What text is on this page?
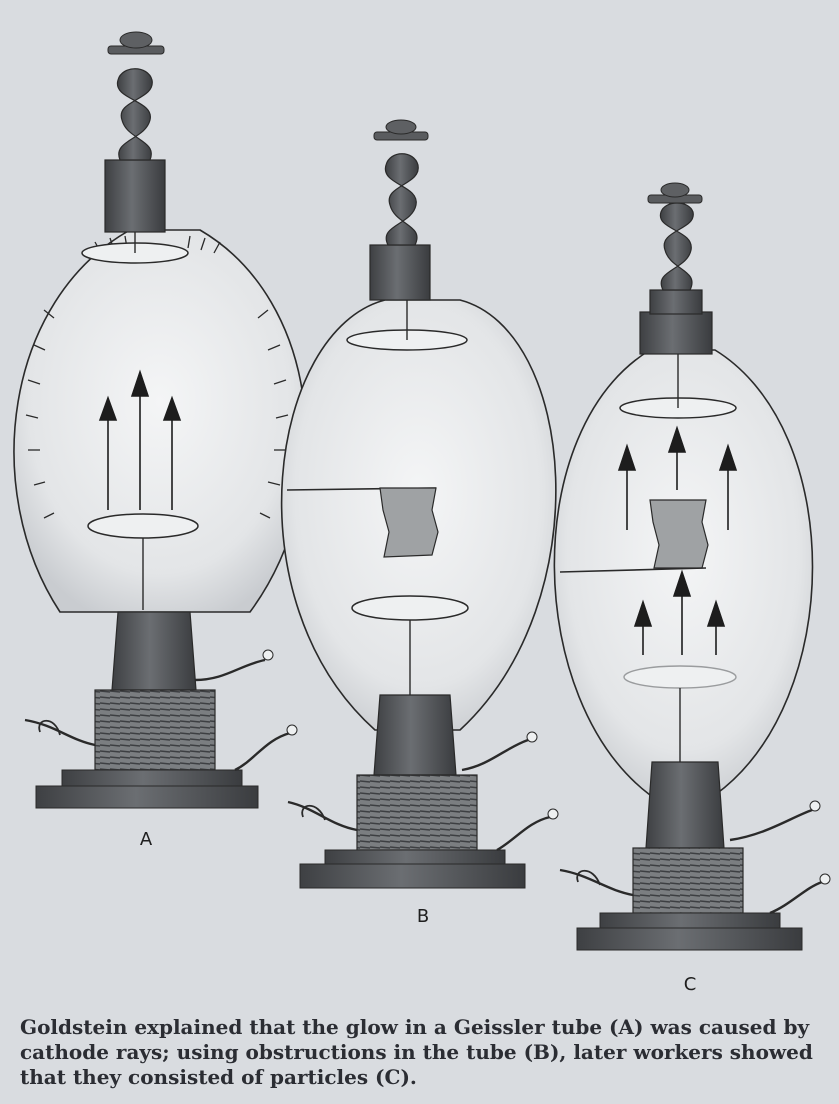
A
B
C

Goldstein explained that the glow in a Geissler tube (A) was caused by cathode rays; using obstructions in the tube (B), later workers showed that they consisted of particles (C).
